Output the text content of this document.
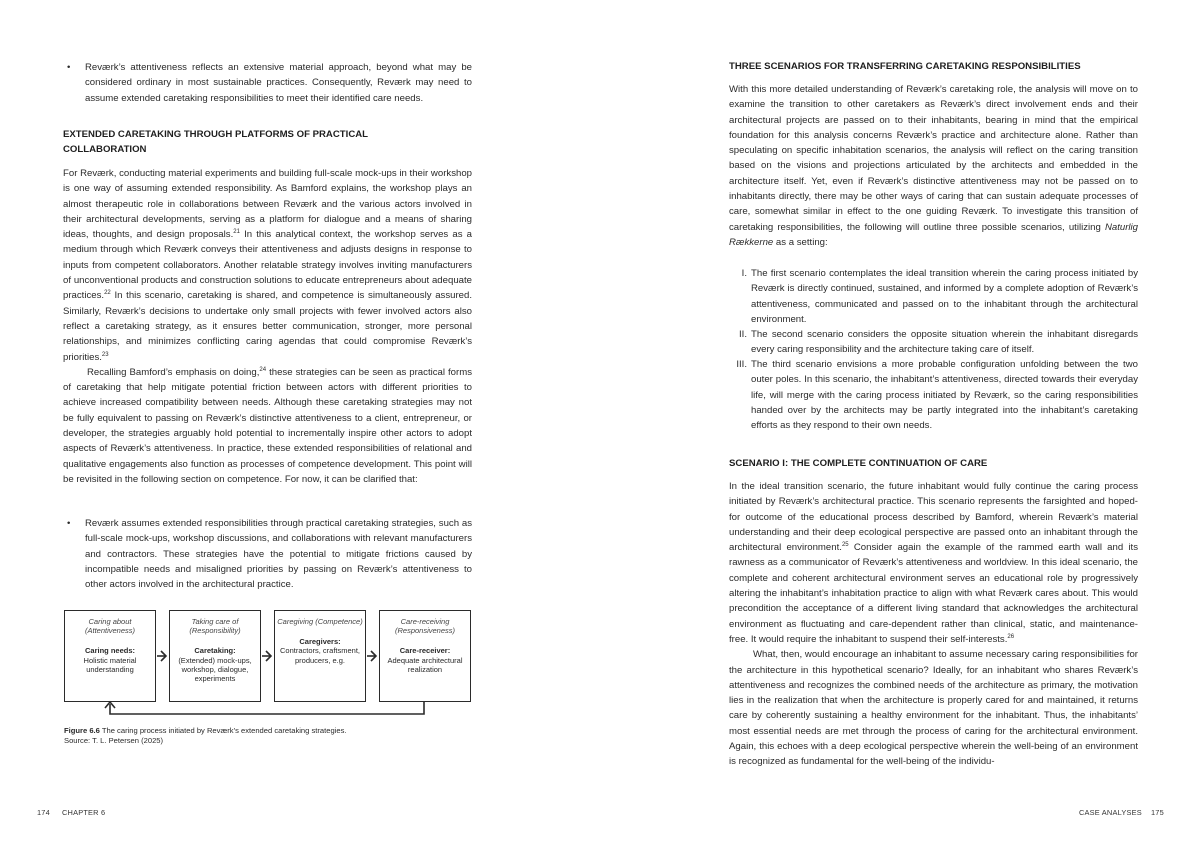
• Reværk’s attentiveness reflects an extensive material approach, beyond what may be considered ordinary in most sustainable practices. Consequently, Reværk may need to assume extended caretaking responsibilities to meet their identified care needs.
EXTENDED CARETAKING THROUGH PLATFORMS OF PRACTICAL COLLABORATION

For Reværk, conducting material experiments and building full-scale mock-ups in their workshop is one way of assuming extended responsibility. As Bamford explains, the workshop plays an almost therapeutic role in collaborations between Reværk and the various actors involved in their architectural developments, serving as a platform for dialogue and a means of sharing ideas, thoughts, and design proposals.$^{21}$ In this analytical context, the workshop serves as a medium through which Reværk conveys their attentiveness and adjusts designs in response to inputs from competent collaborators. Another relatable strategy involves inviting manufacturers of unconventional products and construction solutions to educate entrepreneurs about adequate practices.$^{22}$ In this scenario, caretaking is shared, and competence is simultaneously assured. Similarly, Reværk’s decisions to undertake only small projects with fewer involved actors also reflect a caretaking strategy, as it ensures better communication, stronger, more personal relationships, and minimizes conflicting caring agendas that could compromise Reværk’s priorities.$^{23}$

Recalling Bamford’s emphasis on doing,$^{24}$ these strategies can be seen as practical forms of caretaking that help mitigate potential friction between actors with different priorities to achieve increased compatibility between needs. Although these caretaking strategies may not be fully equivalent to passing on Reværk’s distinctive attentiveness to a client, entrepreneur, or developer, the strategies arguably hold potential to incrementally inspire other actors to adopt aspects of Reværk’s attentiveness. In practice, these extended responsibilities of relational and qualitative engagements also function as processes of competence development. This point will be revisited in the following section on competence. For now, it can be clarified that:

• Reværk assumes extended responsibilities through practical caretaking strategies, such as full-scale mock-ups, workshop discussions, and collaborations with relevant manufacturers and contractors. These strategies have the potential to mitigate frictions caused by incompatible needs and misaligned priorities by passing on Reværk’s attentiveness to other actors involved in the architectural practice.
Caring about (Attentiveness)
Caring needs:
Holistic material understanding
Taking care of (Responsibility)
Caretaking:
(Extended) mock-ups, workshop, dialogue, experiments
Caregiving (Competence)
Caregivers:
Contractors, craftsment, producers, e.g.
Care-receiving (Responsiveness)
Care-receiver:
Adequate architectural realization
Figure 6.6 The caring process initiated by Reværk’s extended caretaking strategies.
Source: T. L. Petersen (2025)
174 CHAPTER 6
THREE SCENARIOS FOR TRANSFERRING CARETAKING RESPONSIBILITIES

With this more detailed understanding of Reværk’s caretaking role, the analysis will move on to examine the transition to other caretakers as Reværk’s direct involvement ends and their architectural projects are passed on to their inhabitants, bearing in mind that the empirical foundation for this analysis concerns Reværk’s practice and architecture alone. Rather than speculating on specific inhabitation scenarios, the analysis will reflect on the caring transition based on the visions and projections articulated by the architects and embedded in the architecture itself. Yet, even if Reværk’s distinctive attentiveness may not be passed on to inhabitants directly, there may be other ways of caring that can sustain adequate processes of care, somewhat similar in effect to the one guiding Reværk. To investigate this transition of caretaking responsibilities, the following will outline three possible scenarios, utilizing Naturlig Rækkerne as a setting:

I. The first scenario contemplates the ideal transition wherein the caring process initiated by Reværk is directly continued, sustained, and informed by a complete adoption of Reværk’s attentiveness, communicated and passed on to the inhabitant through the architectural environment.
II. The second scenario considers the opposite situation wherein the inhabitant disregards every caring responsibility and the architecture taking care of itself.
III. The third scenario envisions a more probable configuration unfolding between the two outer poles. In this scenario, the inhabitant’s attentiveness, directed towards their everyday life, will merge with the caring process initiated by Reværk, so the caring responsibilities handed over by the architects may be partly integrated into the inhabitant’s caretaking efforts as they respond to their own needs.
SCENARIO I: THE COMPLETE CONTINUATION OF CARE

In the ideal transition scenario, the future inhabitant would fully continue the caring process initiated by Reværk’s architectural practice. This scenario represents the farsighted and hoped-for outcome of the educational process described by Bamford, wherein Reværk’s material understanding and their deep ecological perspective are passed onto an inhabitant through the architectural environment.$^{25}$ Consider again the example of the rammed earth wall and its rawness as a communicator of Reværk’s attentiveness and worldview. In this ideal scenario, the complete and coherent architectural environment serves an educational role by progressively altering the inhabitant’s inhabitation practice to align with what Reværk cares about. This would precondition the acceptance of a different living standard that acknowledges the architectural environment as fluctuating and care-dependent rather than clinical, static, and maintenance-free. It would require the inhabitant to suspend their self-interests.$^{26}$

What, then, would encourage an inhabitant to assume necessary caring responsibilities for the architecture in this hypothetical scenario? Ideally, for an inhabitant who shares Reværk’s attentiveness and recognizes the combined needs of the architecture as primary, the motivation lies in the realization that when the architecture is properly cared for and maintained, it returns care by coherently sustaining a healthy environment for the inhabitant. Thus, the inhabitants’ most essential needs are met through the process of caring for the architectural environment. Again, this echoes with a deep ecological perspective wherein the well-being of an environment is recognized as fundamental for the well-being of the individu-

CASE ANALYSES 175
